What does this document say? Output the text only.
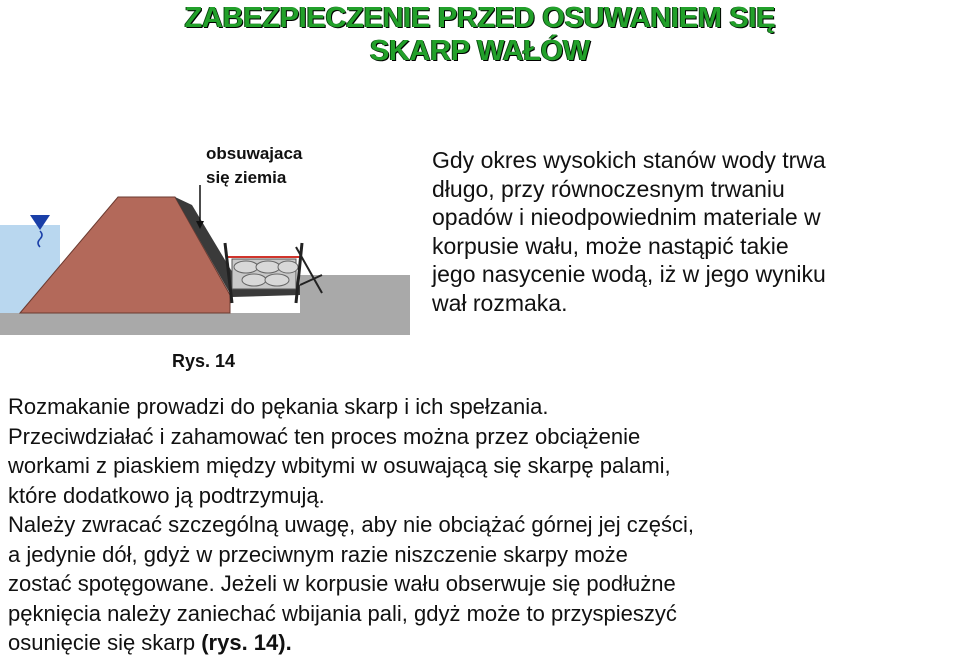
ZABEZPIECZENIE PRZED OSUWANIEM SIĘ
SKARP WAŁÓW
obsuwajaca
się ziemia
Rys. 14
Gdy okres wysokich stanów wody trwa
długo, przy równoczesnym trwaniu
opadów i nieodpowiednim materiale w
korpusie wału, może nastąpić takie
jego nasycenie wodą, iż w jego wyniku
wał rozmaka.
Rozmakanie prowadzi do pękania skarp i ich spełzania.
Przeciwdziałać i zahamować ten proces można przez obciążenie
workami z piaskiem między wbitymi w osuwającą się skarpę palami,
które dodatkowo ją podtrzymują.
Należy zwracać szczególną uwagę, aby nie obciążać górnej jej części,
a jedynie dół, gdyż w przeciwnym razie niszczenie skarpy może
zostać spotęgowane. Jeżeli w korpusie wału obserwuje się podłużne
pęknięcia należy zaniechać wbijania pali, gdyż może to przyspieszyć
osunięcie się skarp (rys. 14).
